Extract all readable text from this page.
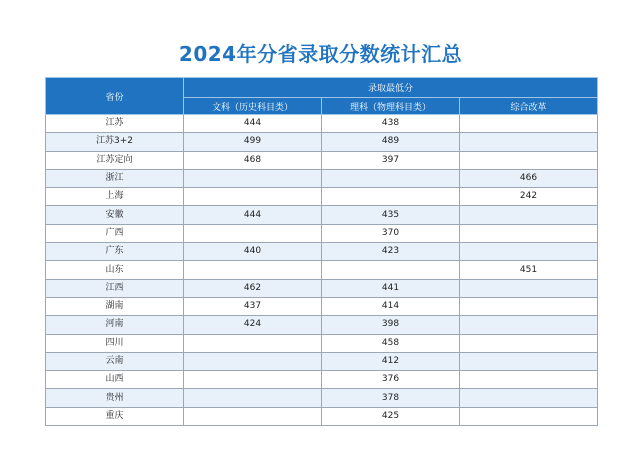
2024年分省录取分数统计汇总
省份	录取最低分		
	文科（历史科目类）	理科（物理科目类）	综合改革
江苏	444	438	
江苏3+2	499	489	
江苏定向	468	397	
浙江			466
上海			242
安徽	444	435	
广西		370	
广东	440	423	
山东			451
江西	462	441	
湖南	437	414	
河南	424	398	
四川		458	
云南		412	
山西		376	
贵州		378	
重庆		425	
